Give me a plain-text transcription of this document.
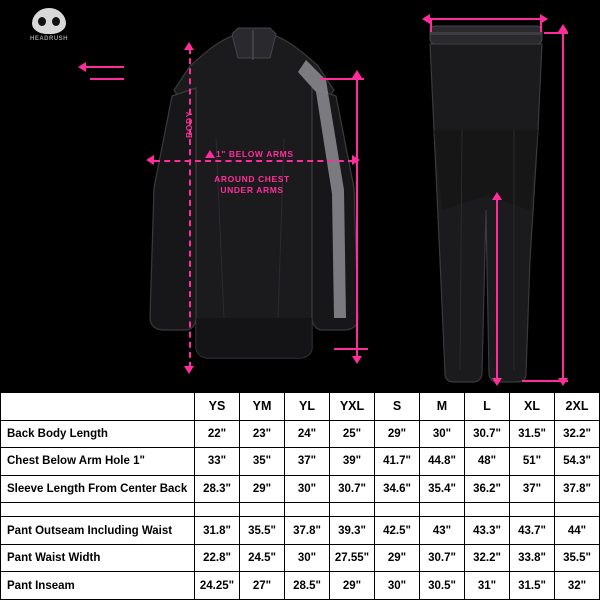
HEADRUSH
BODY
1" BELOW ARMS
AROUND CHEST
UNDER ARMS
	YS	YM	YL	YXL	S	M	L	XL	2XL
Back Body Length	22"	23"	24"	25"	29"	30"	30.7"	31.5"	32.2"
Chest Below Arm Hole 1"	33"	35"	37"	39"	41.7"	44.8"	48"	51"	54.3"
Sleeve Length From Center Back	28.3"	29"	30"	30.7"	34.6"	35.4"	36.2"	37"	37.8"

Pant Outseam Including Waist	31.8"	35.5"	37.8"	39.3"	42.5"	43"	43.3"	43.7"	44"
Pant Waist Width	22.8"	24.5"	30"	27.55"	29"	30.7"	32.2"	33.8"	35.5"
Pant Inseam	24.25"	27"	28.5"	29"	30"	30.5"	31"	31.5"	32"
